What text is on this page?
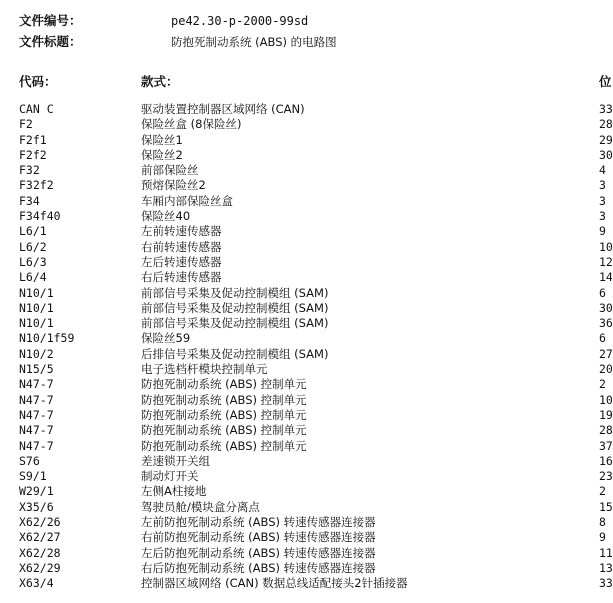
文件编号：	pe42.30-p-2000-99sd
文件标题：	防抱死制动系统 (ABS) 的电路图
代码：	款式：	位
CAN C	驱动装置控制器区域网络 (CAN)	33
F2	保险丝盒 (8保险丝)	28
F2f1	保险丝1	29
F2f2	保险丝2	30
F32	前部保险丝	4
F32f2	预熔保险丝2	3
F34	车厢内部保险丝盒	3
F34f40	保险丝40	3
L6/1	左前转速传感器	9
L6/2	右前转速传感器	10
L6/3	左后转速传感器	12
L6/4	右后转速传感器	14
N10/1	前部信号采集及促动控制模组 (SAM)	6
N10/1	前部信号采集及促动控制模组 (SAM)	30
N10/1	前部信号采集及促动控制模组 (SAM)	36
N10/1f59	保险丝59	6
N10/2	后排信号采集及促动控制模组 (SAM)	27
N15/5	电子选档杆模块控制单元	20
N47-7	防抱死制动系统 (ABS) 控制单元	2
N47-7	防抱死制动系统 (ABS) 控制单元	10
N47-7	防抱死制动系统 (ABS) 控制单元	19
N47-7	防抱死制动系统 (ABS) 控制单元	28
N47-7	防抱死制动系统 (ABS) 控制单元	37
S76	差速锁开关组	16
S9/1	制动灯开关	23
W29/1	左侧A柱接地	2
X35/6	驾驶员舱/模块盒分离点	15
X62/26	左前防抱死制动系统 (ABS) 转速传感器连接器	8
X62/27	右前防抱死制动系统 (ABS) 转速传感器连接器	9
X62/28	左后防抱死制动系统 (ABS) 转速传感器连接器	11
X62/29	右后防抱死制动系统 (ABS) 转速传感器连接器	13
X63/4	控制器区域网络 (CAN) 数据总线适配接头2针插接器	33
